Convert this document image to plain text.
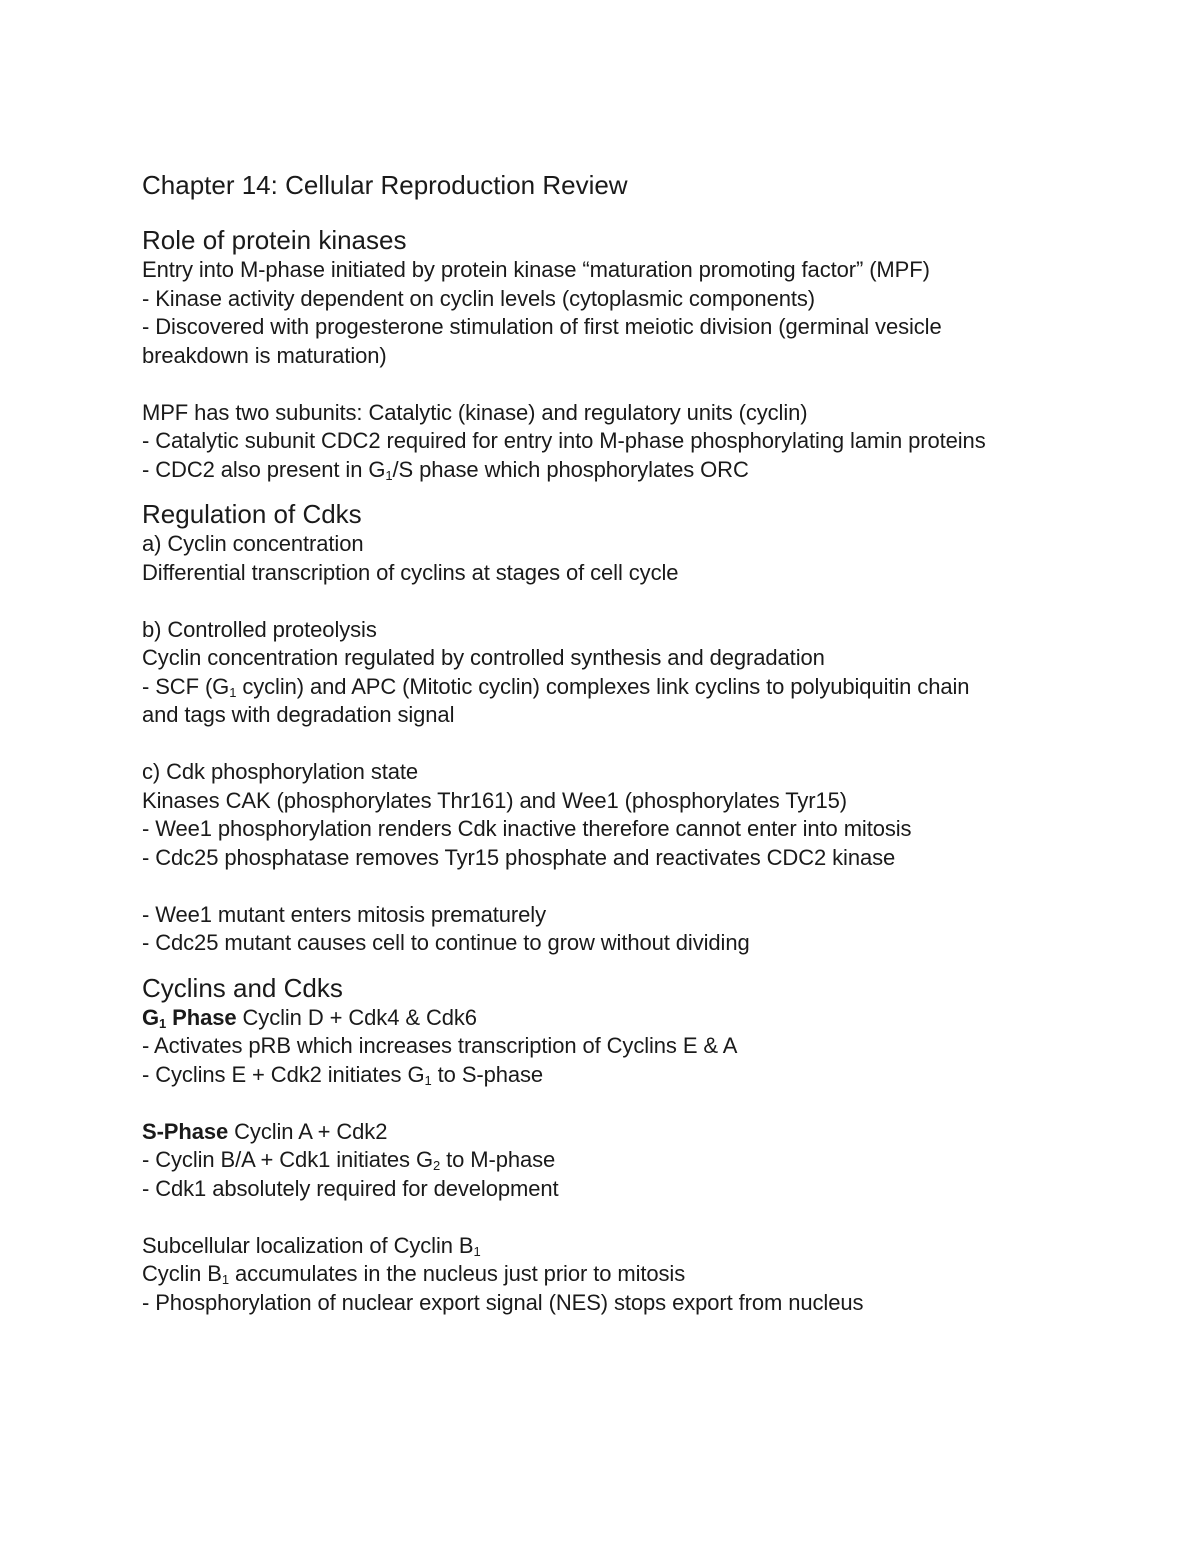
Chapter 14: Cellular Reproduction Review
Role of protein kinases
Entry into M-phase initiated by protein kinase “maturation promoting factor” (MPF)
- Kinase activity dependent on cyclin levels (cytoplasmic components)
- Discovered with progesterone stimulation of first meiotic division (germinal vesicle
breakdown is maturation)
MPF has two subunits: Catalytic (kinase) and regulatory units (cyclin)
- Catalytic subunit CDC2 required for entry into M-phase phosphorylating lamin proteins
- CDC2 also present in $G_1/S$ phase which phosphorylates ORC
Regulation of Cdks
a) Cyclin concentration
Differential transcription of cyclins at stages of cell cycle
b) Controlled proteolysis
Cyclin concentration regulated by controlled synthesis and degradation
- SCF ($G_1$ cyclin) and APC (Mitotic cyclin) complexes link cyclins to polyubiquitin chain
and tags with degradation signal
c) Cdk phosphorylation state
Kinases CAK (phosphorylates Thr161) and Wee1 (phosphorylates Tyr15)
- Wee1 phosphorylation renders Cdk inactive therefore cannot enter into mitosis
- Cdc25 phosphatase removes Tyr15 phosphate and reactivates CDC2 kinase
- Wee1 mutant enters mitosis prematurely
- Cdc25 mutant causes cell to continue to grow without dividing
Cyclins and Cdks
$G_1$ Phase Cyclin D + Cdk4 & Cdk6
- Activates pRB which increases transcription of Cyclins E & A
- Cyclins E + Cdk2 initiates $G_1$ to S-phase
S-Phase Cyclin A + Cdk2
- Cyclin B/A + Cdk1 initiates $G_2$ to M-phase
- Cdk1 absolutely required for development
Subcellular localization of Cyclin $B_1$
Cyclin $B_1$ accumulates in the nucleus just prior to mitosis
- Phosphorylation of nuclear export signal (NES) stops export from nucleus
